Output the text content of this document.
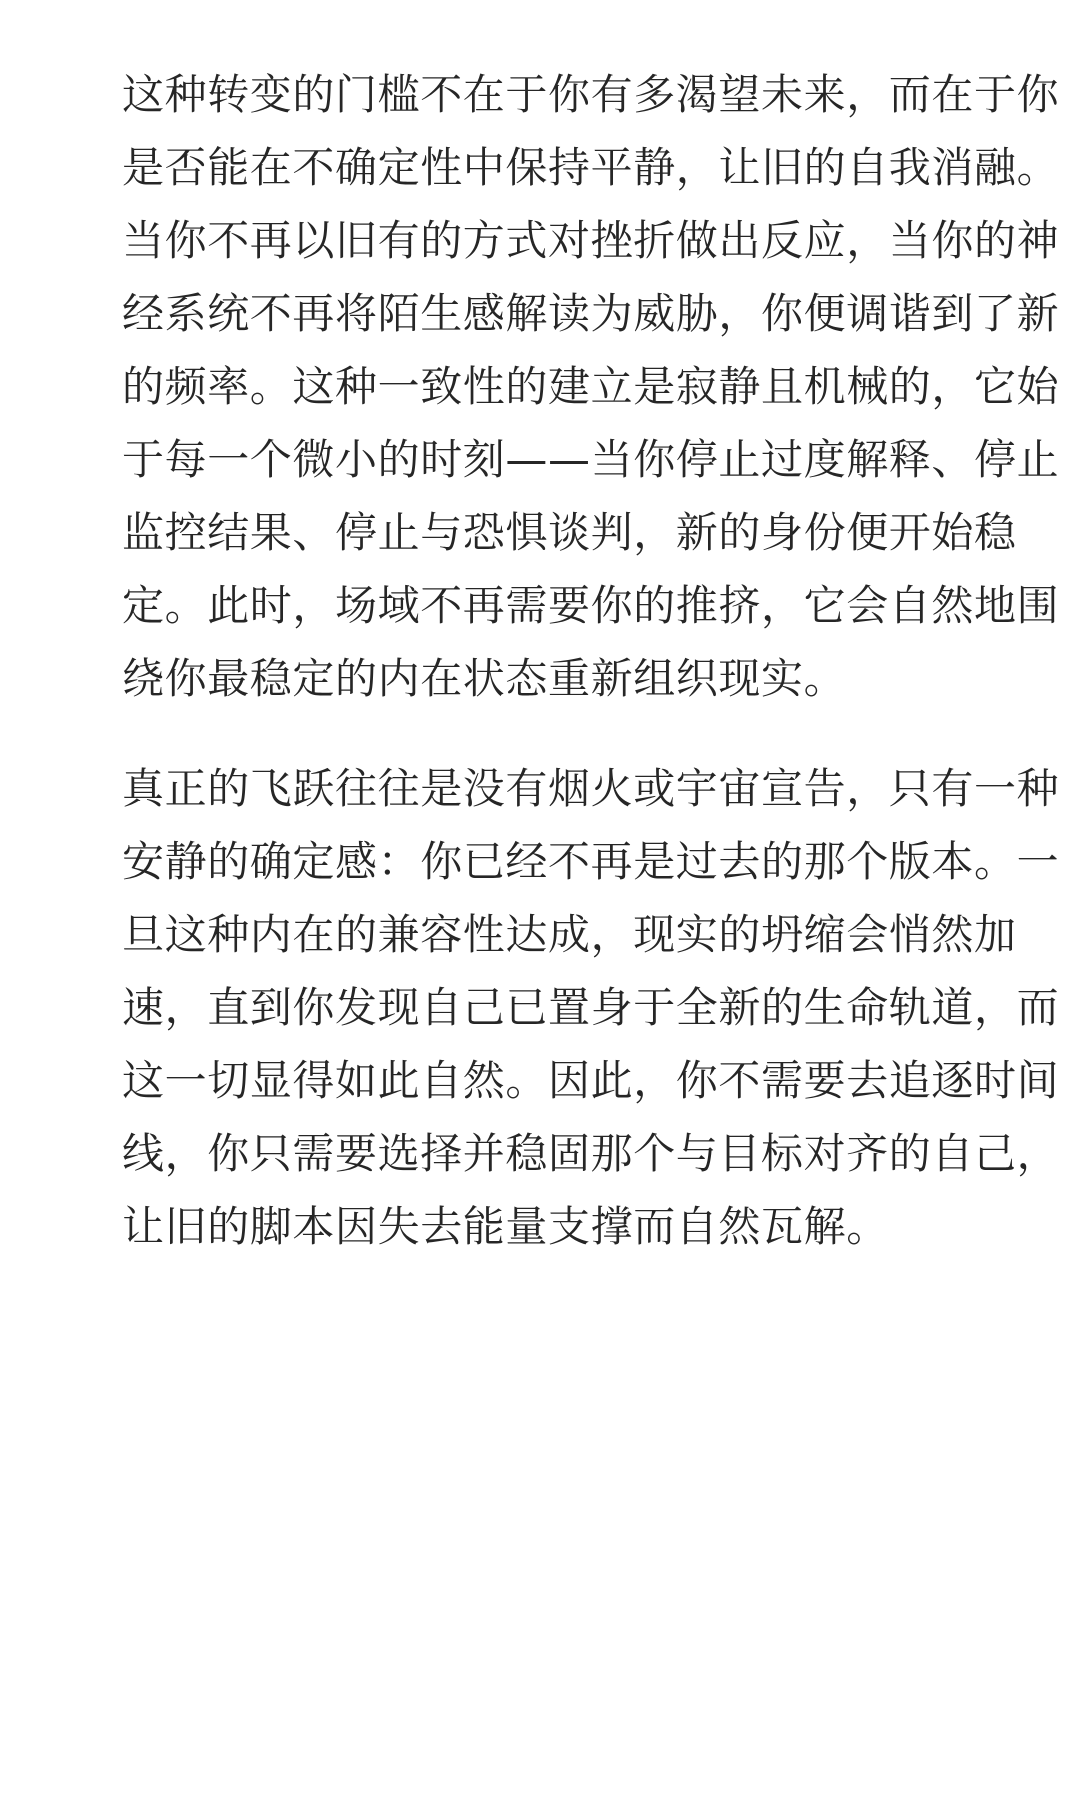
这种转变的门槛不在于你有多渴望未来，而在于你
是否能在不确定性中保持平静，让旧的自我消融。
当你不再以旧有的方式对挫折做出反应，当你的神
经系统不再将陌生感解读为威胁，你便调谐到了新
的频率。这种一致性的建立是寂静且机械的，它始
于每一个微小的时刻——当你停止过度解释、停止
监控结果、停止与恐惧谈判，新的身份便开始稳
定。此时，场域不再需要你的推挤，它会自然地围
绕你最稳定的内在状态重新组织现实。

真正的飞跃往往是没有烟火或宇宙宣告，只有一种
安静的确定感：你已经不再是过去的那个版本。一
旦这种内在的兼容性达成，现实的坍缩会悄然加
速，直到你发现自己已置身于全新的生命轨道，而
这一切显得如此自然。因此，你不需要去追逐时间
线，你只需要选择并稳固那个与目标对齐的自己，
让旧的脚本因失去能量支撑而自然瓦解。
